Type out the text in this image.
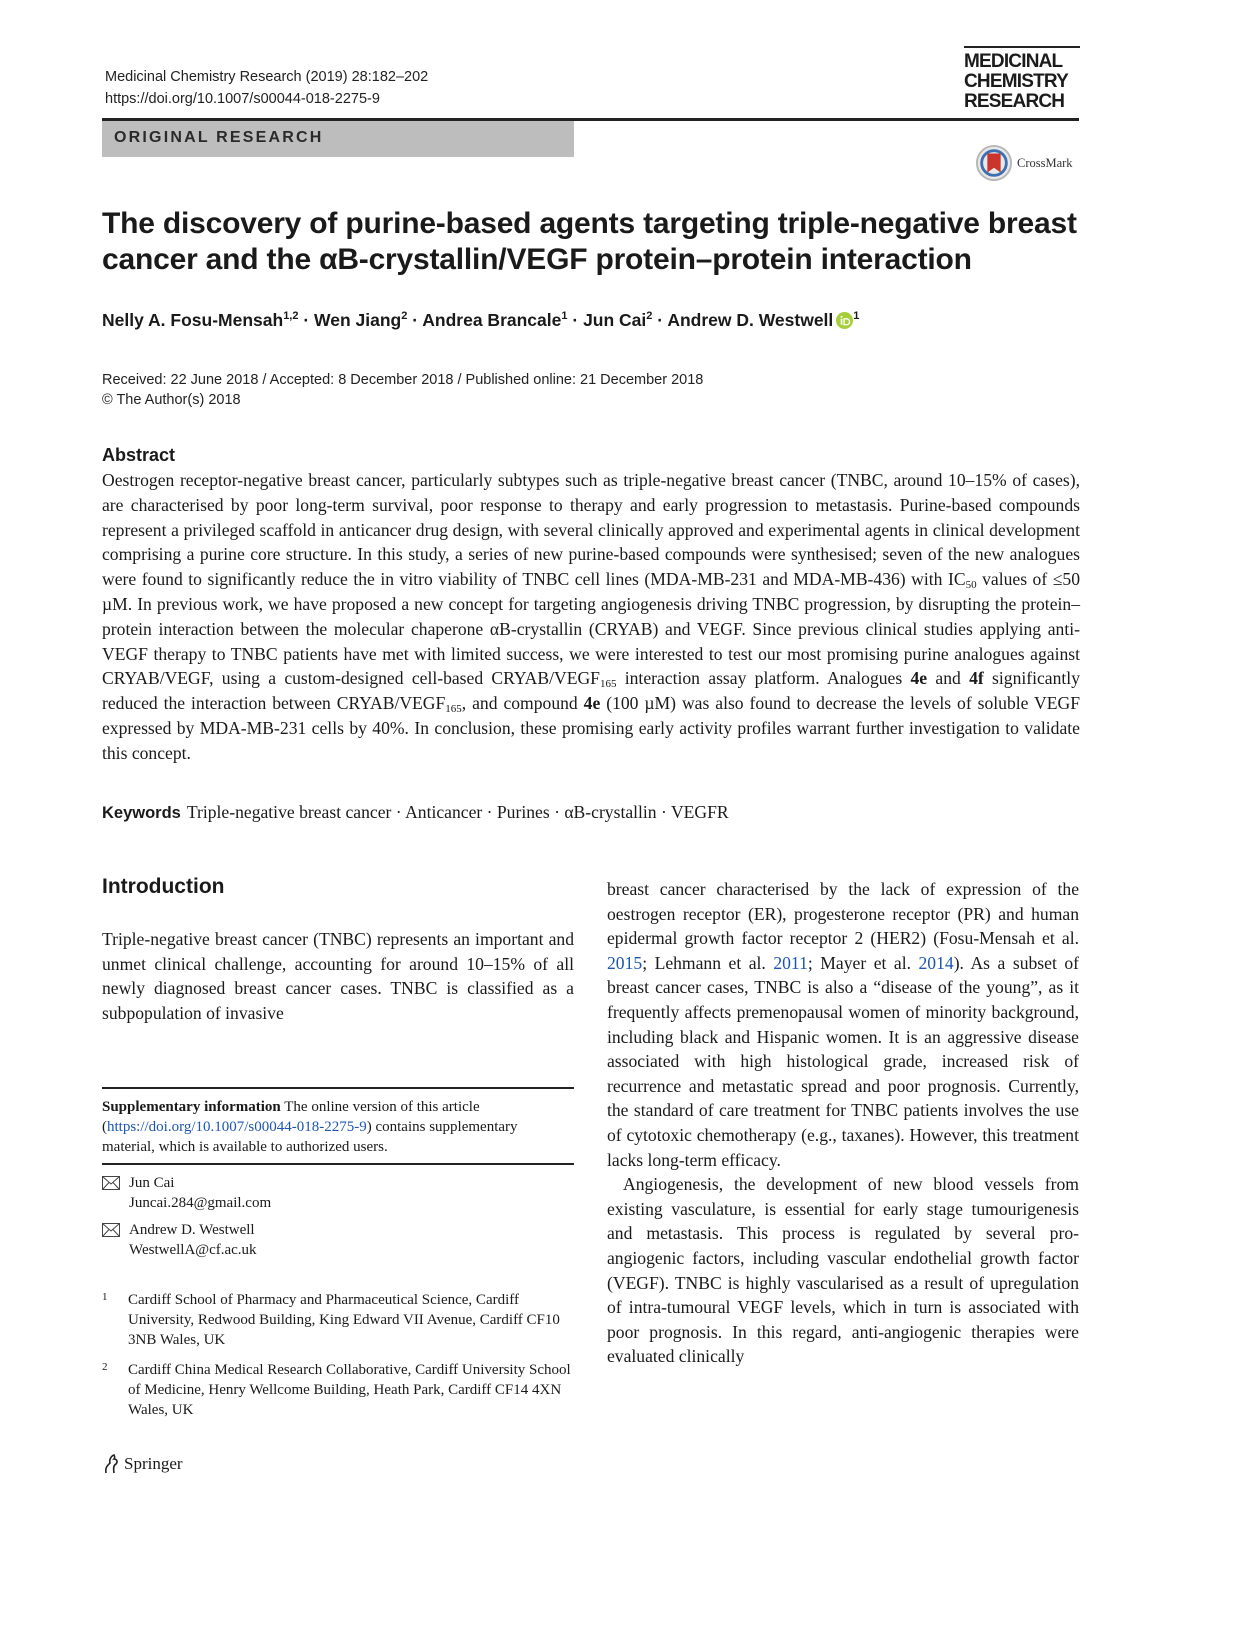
Medicinal Chemistry Research (2019) 28:182–202
https://doi.org/10.1007/s00044-018-2275-9
MEDICINAL
CHEMISTRY
RESEARCH
ORIGINAL RESEARCH
CrossMark
The discovery of purine-based agents targeting triple-negative breast cancer and the αB-crystallin/VEGF protein–protein interaction
Nelly A. Fosu-Mensah$^{1,2}$ · Wen Jiang$^2$ · Andrea Brancale$^1$ · Jun Cai$^2$ · Andrew D. Westwell $^1$
Received: 22 June 2018 / Accepted: 8 December 2018 / Published online: 21 December 2018
© The Author(s) 2018
Abstract
Oestrogen receptor-negative breast cancer, particularly subtypes such as triple-negative breast cancer (TNBC, around 10–15% of cases), are characterised by poor long-term survival, poor response to therapy and early progression to metastasis. Purine-based compounds represent a privileged scaffold in anticancer drug design, with several clinically approved and experimental agents in clinical development comprising a purine core structure. In this study, a series of new purine-based compounds were synthesised; seven of the new analogues were found to significantly reduce the in vitro viability of TNBC cell lines (MDA-MB-231 and MDA-MB-436) with $IC_{50}$ values of ≤50 µM. In previous work, we have proposed a new concept for targeting angiogenesis driving TNBC progression, by disrupting the protein–protein interaction between the molecular chaperone αB-crystallin (CRYAB) and VEGF. Since previous clinical studies applying anti-VEGF therapy to TNBC patients have met with limited success, we were interested to test our most promising purine analogues against CRYAB/VEGF, using a custom-designed cell-based CRYAB/$VEGF_{165}$ interaction assay platform. Analogues 4e and 4f significantly reduced the interaction between CRYAB/$VEGF_{165}$, and compound 4e (100 µM) was also found to decrease the levels of soluble VEGF expressed by MDA-MB-231 cells by 40%. In conclusion, these promising early activity profiles warrant further investigation to validate this concept.
Keywords Triple-negative breast cancer · Anticancer · Purines · αB-crystallin · VEGFR
Introduction
Triple-negative breast cancer (TNBC) represents an important and unmet clinical challenge, accounting for around 10–15% of all newly diagnosed breast cancer cases. TNBC is classified as a subpopulation of invasive

breast cancer characterised by the lack of expression of the oestrogen receptor (ER), progesterone receptor (PR) and human epidermal growth factor receptor 2 (HER2) (Fosu-Mensah et al. 2015; Lehmann et al. 2011; Mayer et al. 2014). As a subset of breast cancer cases, TNBC is also a “disease of the young”, as it frequently affects premenopausal women of minority background, including black and Hispanic women. It is an aggressive disease associated with high histological grade, increased risk of recurrence and metastatic spread and poor prognosis. Currently, the standard of care treatment for TNBC patients involves the use of cytotoxic chemotherapy (e.g., taxanes). However, this treatment lacks long-term efficacy.

Angiogenesis, the development of new blood vessels from existing vasculature, is essential for early stage tumourigenesis and metastasis. This process is regulated by several pro-angiogenic factors, including vascular endothelial growth factor (VEGF). TNBC is highly vascularised as a result of upregulation of intra-tumoural VEGF levels, which in turn is associated with poor prognosis. In this regard, anti-angiogenic therapies were evaluated clinically

Supplementary information The online version of this article (https://doi.org/10.1007/s00044-018-2275-9) contains supplementary material, which is available to authorized users.
Jun Cai
Juncai.284@gmail.com
Andrew D. Westwell
WestwellA@cf.ac.uk
1	Cardiff School of Pharmacy and Pharmaceutical Science, Cardiff University, Redwood Building, King Edward VII Avenue, Cardiff CF10 3NB Wales, UK
2	Cardiff China Medical Research Collaborative, Cardiff University School of Medicine, Henry Wellcome Building, Heath Park, Cardiff CF14 4XN Wales, UK
Springer
